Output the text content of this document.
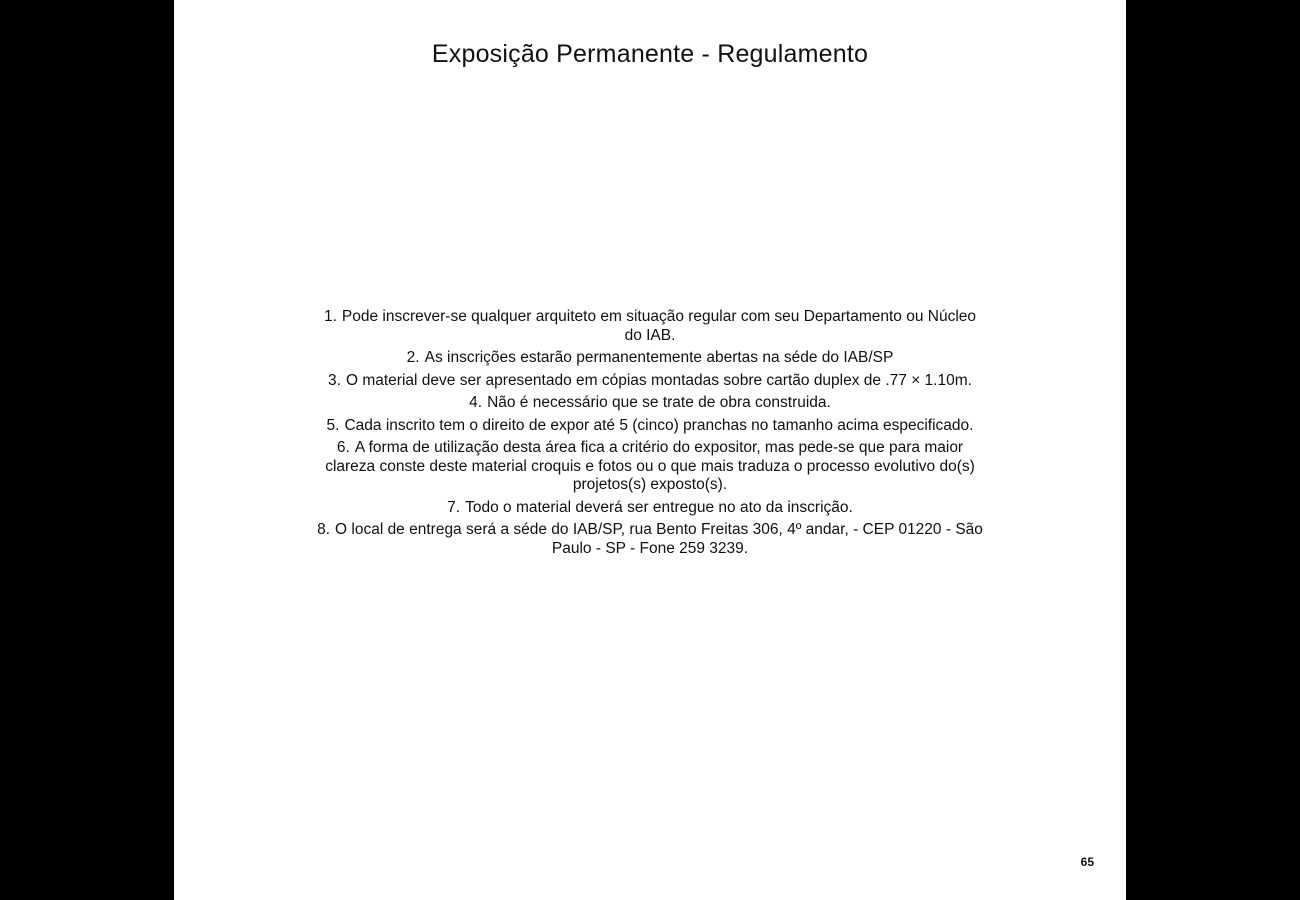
Exposição Permanente - Regulamento
1. Pode inscrever-se qualquer arquiteto em situação regular com seu Departamento ou Núcleo do IAB.
2. As inscrições estarão permanentemente abertas na séde do IAB/SP
3. O material deve ser apresentado em cópias montadas sobre cartão duplex de .77 × 1.10m.
4. Não é necessário que se trate de obra construida.
5. Cada inscrito tem o direito de expor até 5 (cinco) pranchas no tamanho acima especificado.
6. A forma de utilização desta área fica a critério do expositor, mas pede-se que para maior clareza conste deste material croquis e fotos ou o que mais traduza o processo evolutivo do(s) projetos(s) exposto(s).
7. Todo o material deverá ser entregue no ato da inscrição.
8. O local de entrega será a séde do IAB/SP, rua Bento Freitas 306, 4º andar, - CEP 01220 - São Paulo - SP - Fone 259 3239.
65
